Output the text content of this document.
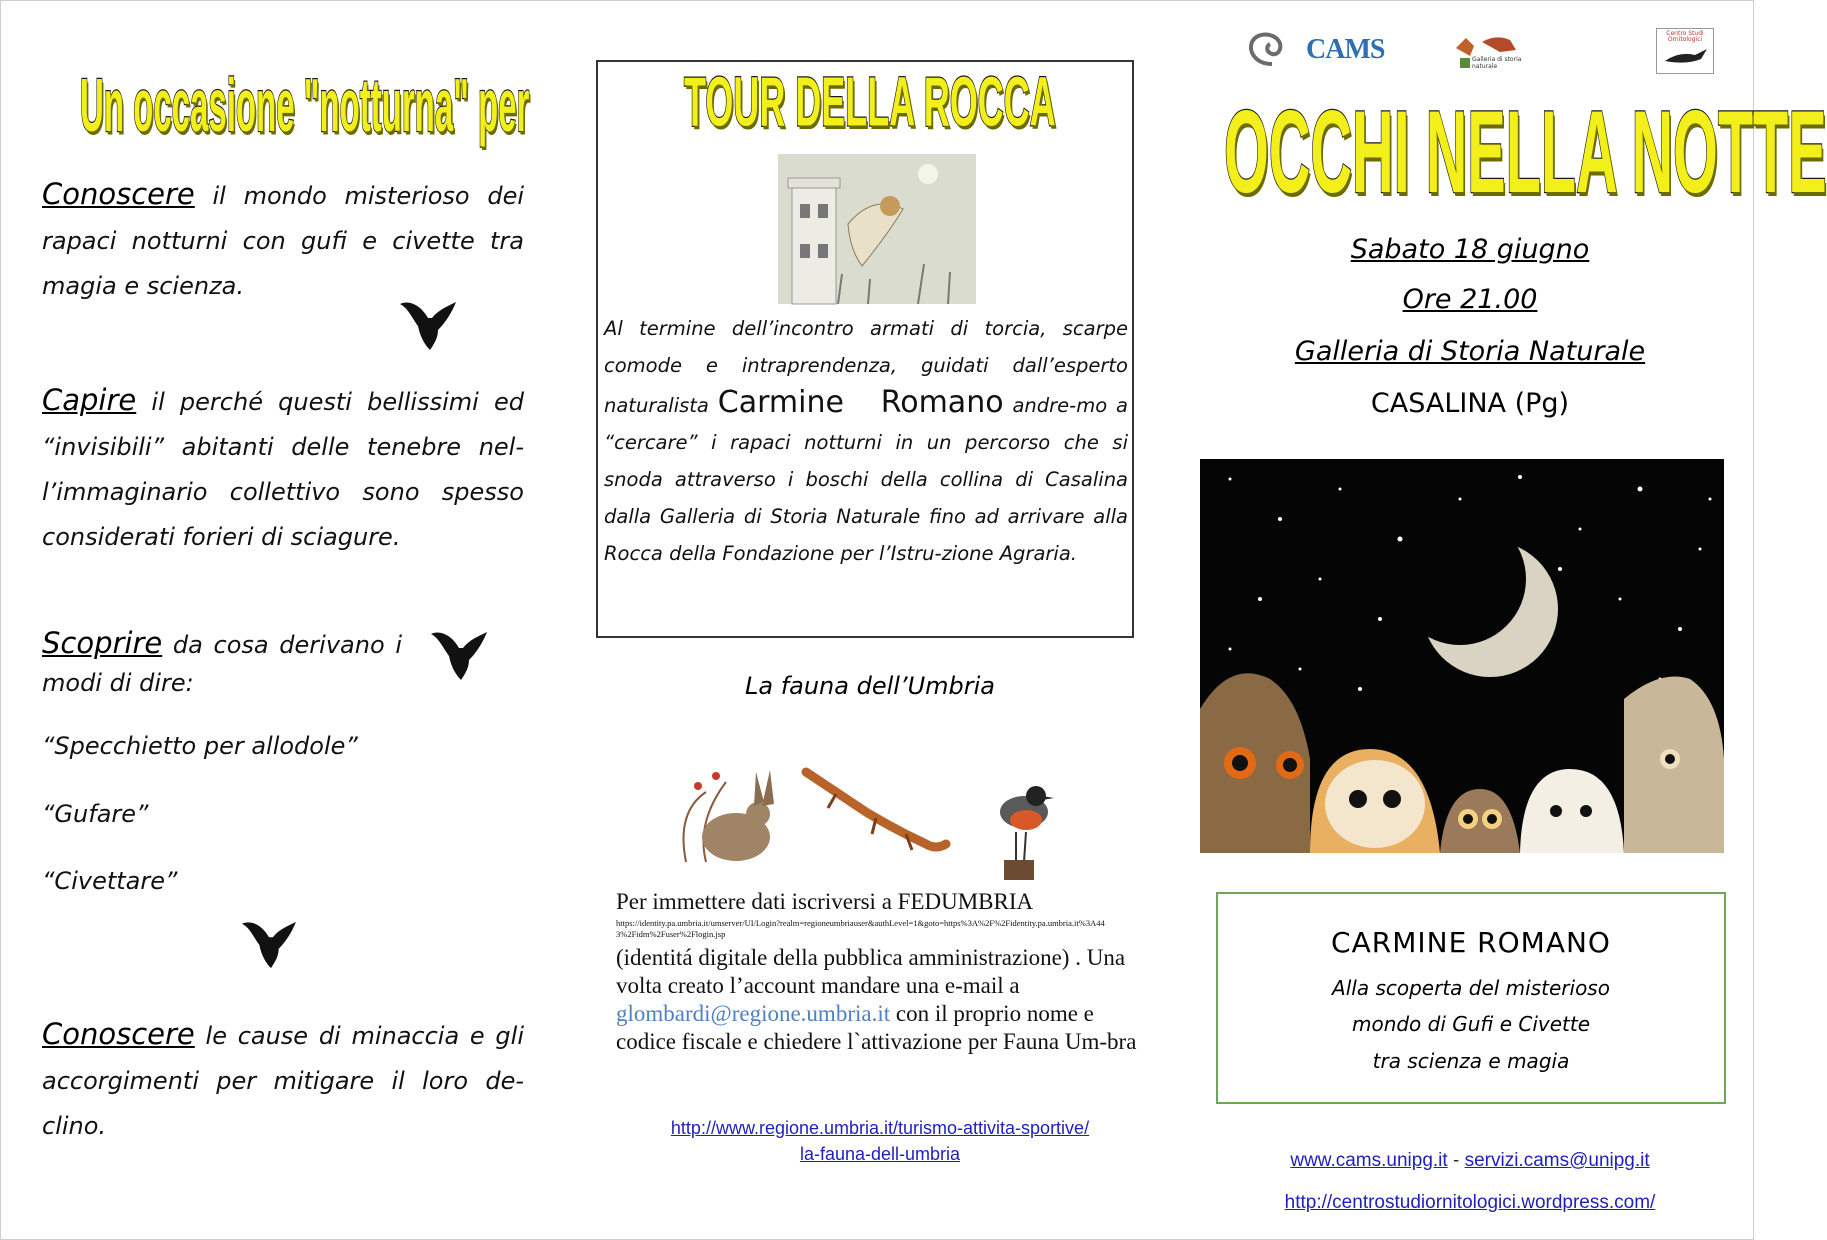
Un occasione "notturna" per
Conoscere il mondo misterioso dei rapaci notturni con gufi e civette tra magia e scienza.
Capire il perché questi bellissimi ed “invisibili” abitanti delle tenebre nel-l’immaginario collettivo sono spesso considerati forieri di sciagure.
Scoprire da cosa derivano i modi di dire:
“Specchietto per allodole”
“Gufare”
“Civettare”
Conoscere le cause di minaccia e gli accorgimenti per mitigare il loro de-clino.
TOUR DELLA ROCCA
Al termine dell’incontro armati di torcia, scarpe comode e intraprendenza, guidati dall’esperto naturalista Carmine Romano andre-mo a “cercare” i rapaci notturni in un percorso che si snoda attraverso i boschi della collina di Casalina dalla Galleria di Storia Naturale fino ad arrivare alla Rocca della Fondazione per l’Istru-zione Agraria.
La fauna dell’Umbria
Per immettere dati iscriversi a FEDUMBRIA
https://identity.pa.umbria.it/umserver/UI/Login?realm=regioneumbriauser&authLevel=1&goto=https%3A%2F%2Fidentity.pa.umbria.it%3A443%2Fidm%2Fuser%2Flogin.jsp
(identitá digitale della pubblica amministrazione) . Una volta creato l’account mandare una e-mail a glombardi@regione.umbria.it con il proprio nome e codice fiscale e chiedere l`attivazione per Fauna Um-bra
http://www.regione.umbria.it/turismo-attivita-sportive/
la-fauna-dell-umbria
CAMS	Galleria di storia naturale
Centro Studi Ornitologici
OCCHI NELLA NOTTE
Sabato 18 giugno
Ore 21.00
Galleria di Storia Naturale
CASALINA (Pg)
CARMINE ROMANO
Alla scoperta del misterioso
mondo di Gufi e Civette
tra scienza e magia
www.cams.unipg.it - servizi.cams@unipg.it
http://centrostudiornitologici.wordpress.com/
